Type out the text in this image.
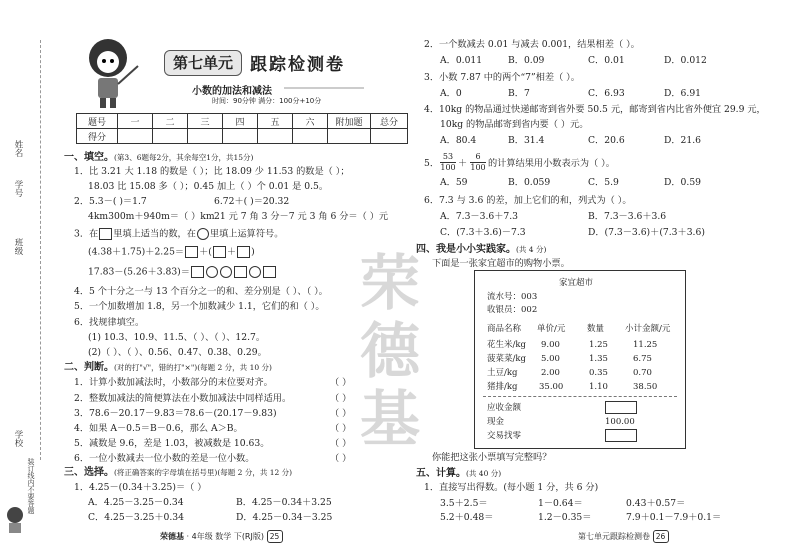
姓名
学号
班级
学校
装订线内不要答题
第七单元	跟踪检测卷
小数的加法和减法
时间：90分钟 满分：100分+10分
题号	一	二	三	四	五	六	附加题	总分
得分								
一、填空。(第3、6题每2分，其余每空1分，共15分)
1．比 3.21 大 1.18 的数是（ ）；比 18.09 少 11.53 的数是（ ）；
18.03 比 15.08 多（ ）；0.45 加上（ ）个 0.01 是 0.5。
2．5.3－( )＝1.7	6.72＋( )＝20.32
4km300m＋940m＝（ ）km 21 元 7 角 3 分－7 元 3 角 6 分＝（ ）元
3．在 里填上适当的数，在 里填上运算符号。
(4.38＋1.75)＋2.25＝ ＋( ＋ )
17.83－(5.26＋3.83)＝
4．5 个十分之一与 13 个百分之一的和、差分别是（ ）、（ ）。
5．一个加数增加 1.8，另一个加数减少 1.1，它们的和（ ）。
6．找规律填空。
(1) 10.3、10.9、11.5、（ ）、（ ）、12.7。
(2)（ ）、（ ）、0.56、0.47、0.38、0.29。
二、判断。(对的打"√"，错的打"×")(每题 2 分，共 10 分)
1．计算小数加减法时，小数部分的末位要对齐。
2．整数加减法的简便算法在小数加减法中同样适用。
3．78.6－20.17－9.83＝78.6－(20.17－9.83)
4．如果 A－0.5＝B－0.6，那么 A＞B。
5．减数是 9.6，差是 1.03，被减数是 10.63。
6．一位小数减去一位小数的差是一位小数。
（ ）
（ ）
（ ）
（ ）
（ ）
（ ）
三、选择。(将正确答案的字母填在括号里)(每题 2 分，共 12 分)
1．4.25－(0.34＋3.25)＝（ ）
A．4.25－3.25－0.34	B．4.25－0.34＋3.25
C．4.25－3.25＋0.34	D．4.25－0.34－3.25
荣德基 · 4年级 数学 下(RJ版) 25
荣德基
2．一个数减去 0.01 与减去 0.001，结果相差（ ）。
A．0.011	B．0.09	C．0.01	D．0.012
3．小数 7.87 中的两个“7”相差（ ）。
A．0	B．7	C．6.93	D．6.91
4．10kg 的物品通过快递邮寄到省外要 50.5 元，邮寄到省内比省外便宜 29.9 元，
10kg 的物品邮寄到省内要（ ）元。
A．80.4	B．31.4	C．20.6	D．21.6
5． $\frac{53}{100} + \frac{6}{100}$ 的计算结果用小数表示为（ ）。
A．59	B．0.059	C．5.9	D．0.59
6．7.3 与 3.6 的差，加上它们的和，列式为（ ）。
A．7.3－3.6＋7.3	B．7.3－3.6＋3.6
C．(7.3＋3.6)－7.3	D．(7.3－3.6)＋(7.3＋3.6)
四、我是小小实践家。(共 4 分)
下面是一张家宜超市的购物小票。
家宜超市
流水号：003
收银员：002
商品名称 单价/元	数量 小计金额/元
花生米/kg 9.00	1.25	11.25
菠菜菜/kg 5.00	1.35	6.75
土豆/kg	2.00	0.35	0.70
猪排/kg	35.00	1.10	38.50
应收金额
现金	100.00
交易找零
你能把这张小票填写完整吗？
五、计算。(共 40 分)
1．直接写出得数。(每小题 1 分，共 6 分)
3.5＋2.5＝	1－0.64＝	0.43＋0.57＝
5.2＋0.48＝	1.2－0.35＝	7.9＋0.1－7.9＋0.1＝
第七单元跟踪检测卷 26
